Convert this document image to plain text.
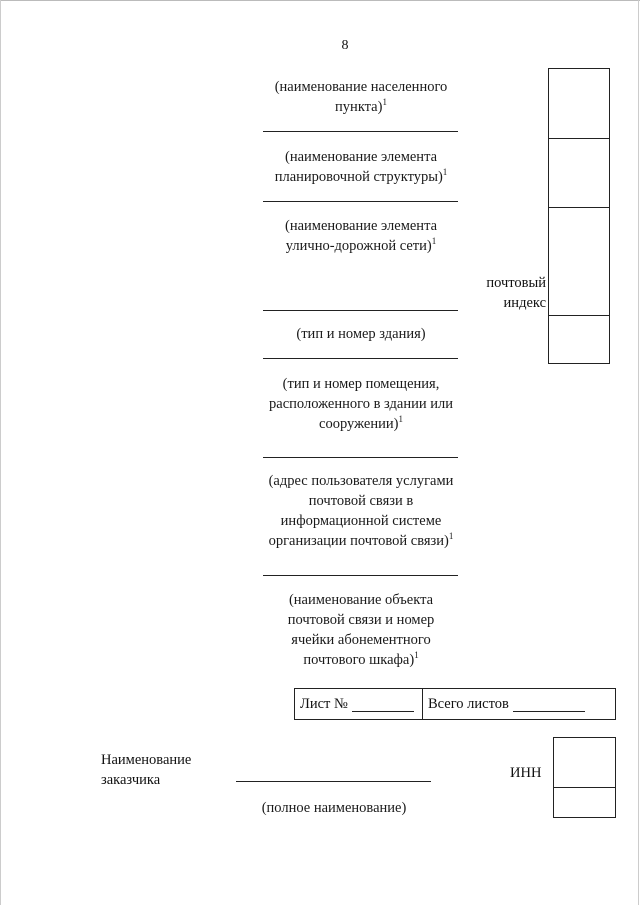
8
(наименование населенного
пункта)$^1$
(наименование элемента
планировочной структуры)$^1$
(наименование элемента
улично-дорожной сети)$^1$
(тип и номер здания)
(тип и номер помещения,
расположенного в здании или
сооружении)$^1$
(адрес пользователя услугами
почтовой связи в
информационной системе
организации почтовой связи)$^1$
(наименование объекта
почтовой связи и номер
ячейки абонементного
почтового шкафа)$^1$
почтовый
индекс
Лист №	Всего листов
Наименование
заказчика
(полное наименование)
ИНН
